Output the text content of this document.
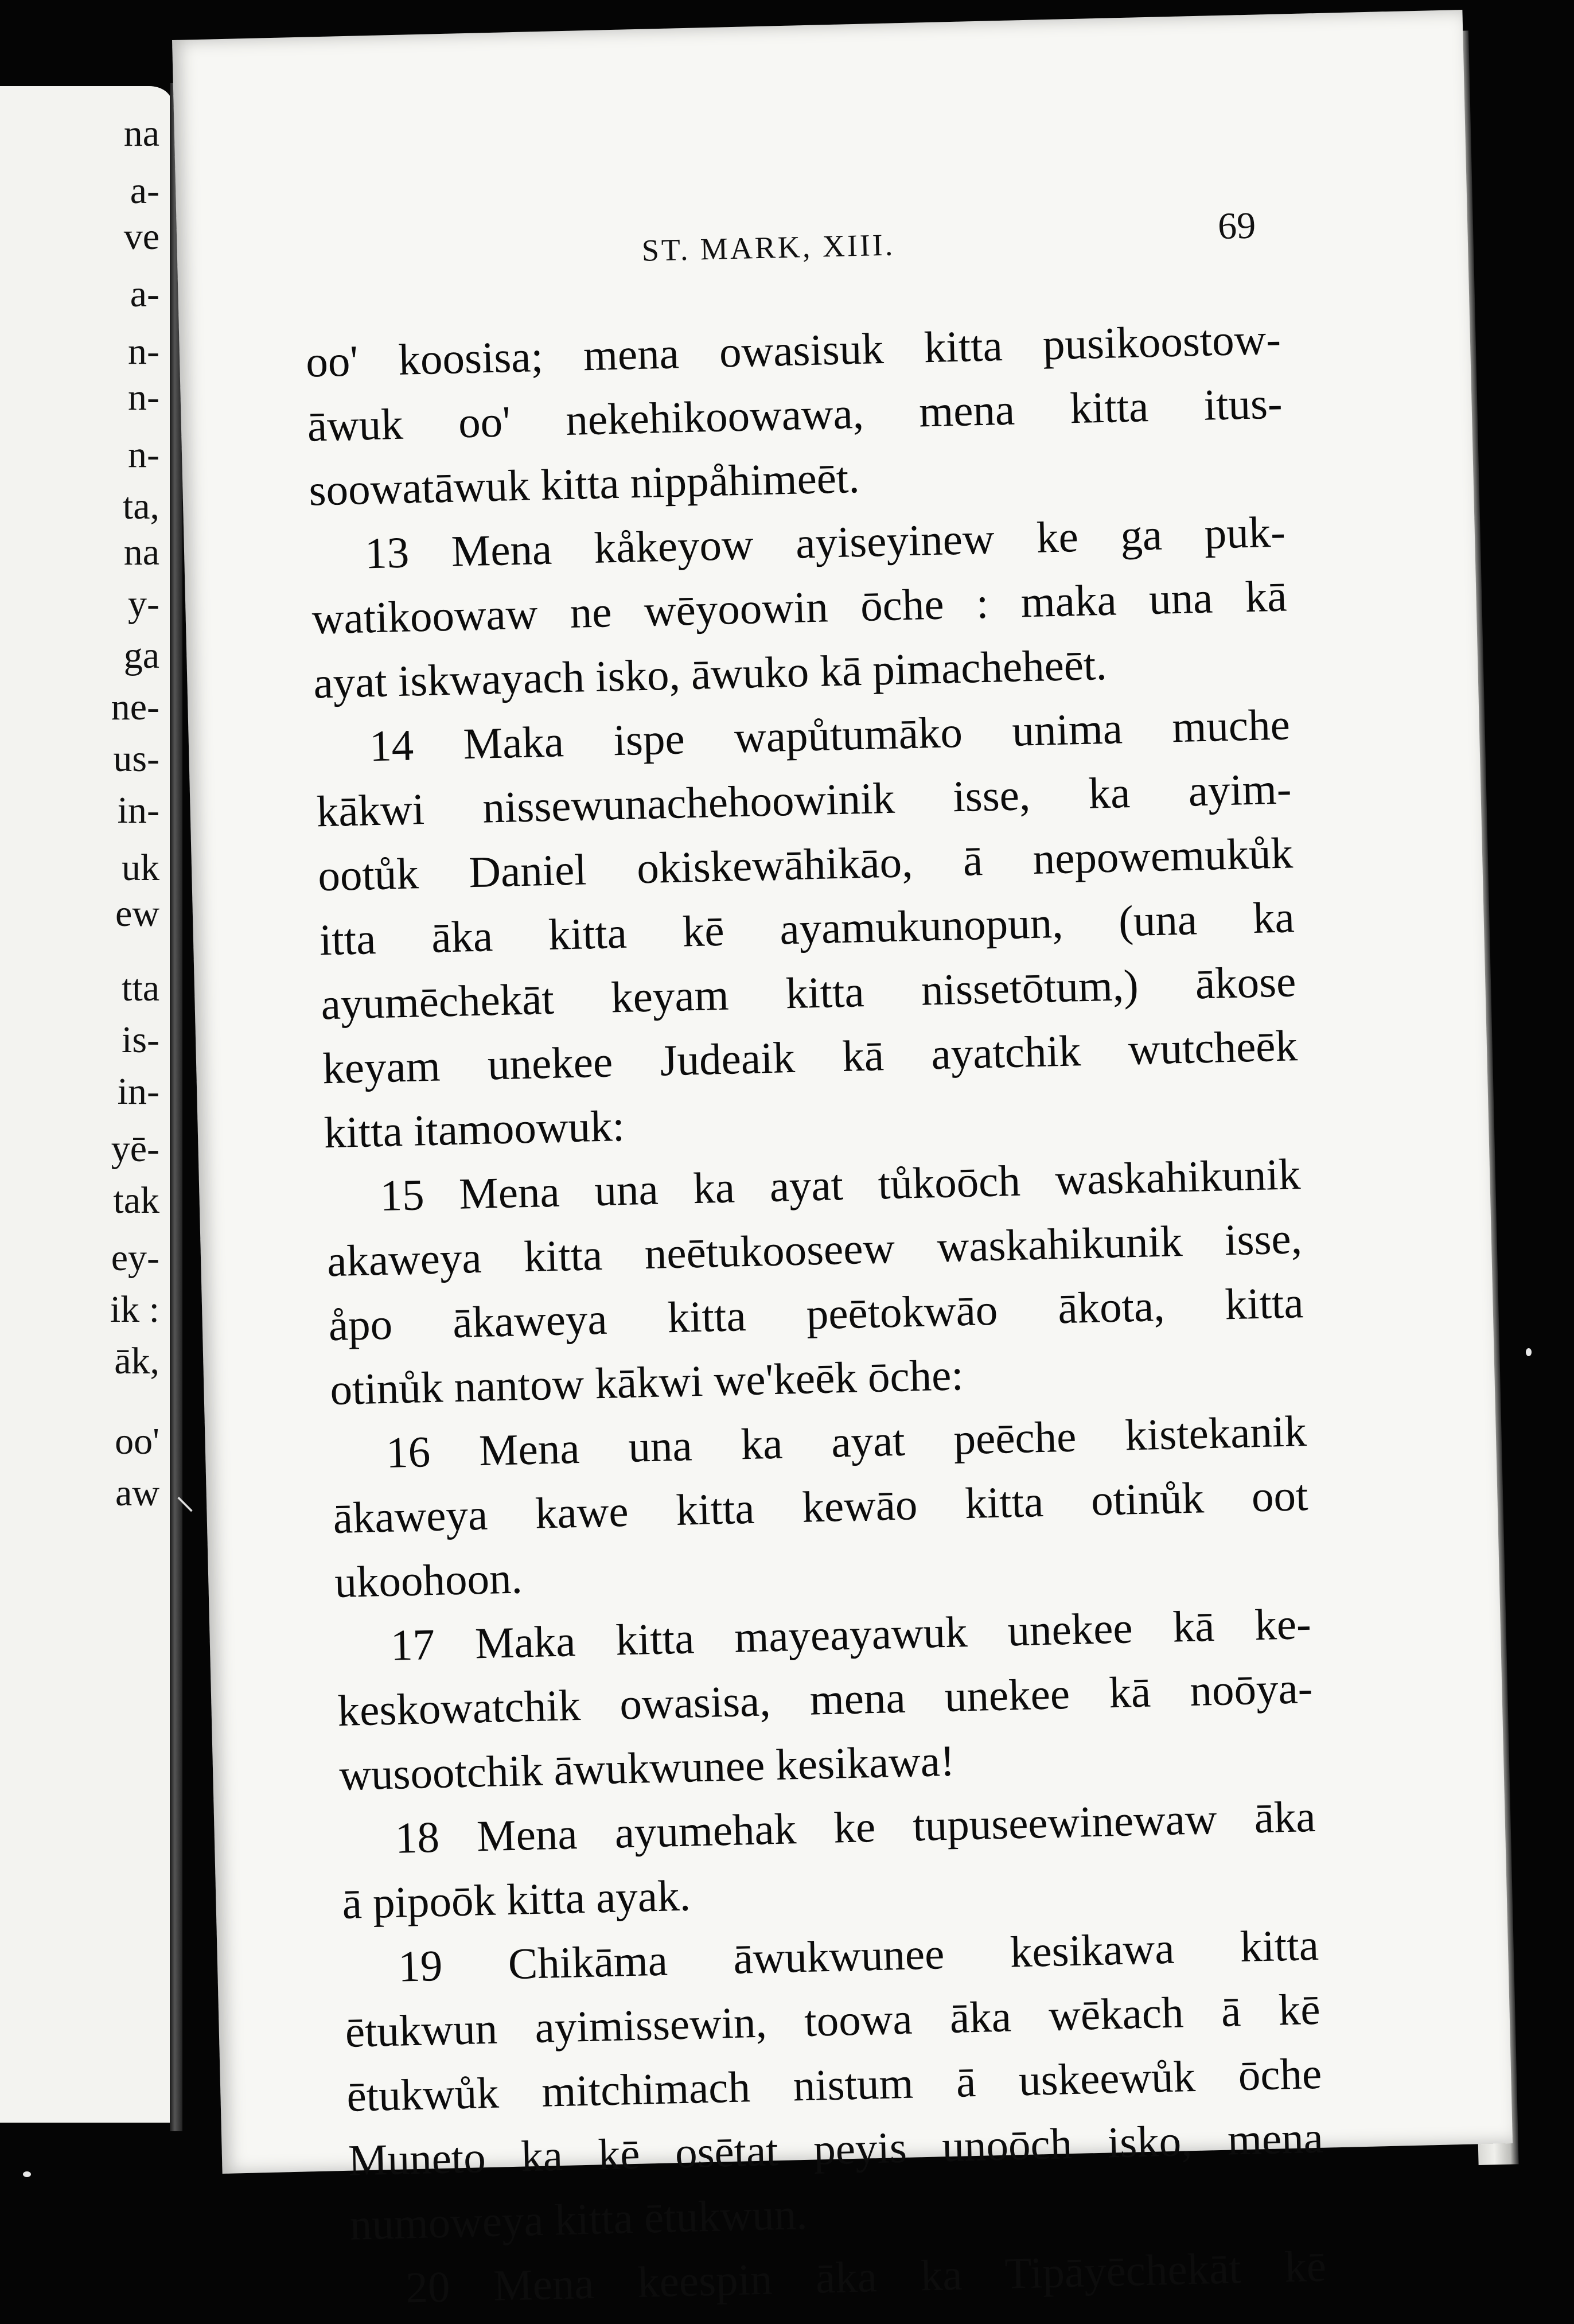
na
a-
ve
a-
n-
n-
n-
ta,
na
y-
ga
ne-
us-
in-
uk
ew
tta
is-
in-
yē-
tak
ey-
ik :
āk,
oo'
aw
ST. MARK, XIII.
69
oo' koosisa; mena owasisuk kitta pusikoostow-
āwuk oo' nekehikoowawa, mena kitta itus-
soowatāwuk kitta nippåhimeēt.
13 Mena kåkeyow ayiseyinew ke ga puk-
watikoowaw ne wēyoowin ōche : maka una kā
ayat iskwayach isko, āwuko kā pimacheheēt.
14 Maka ispe wapůtumāko unima muche
kākwi nissewunachehoowinik isse, ka ayim-
ootůk Daniel okiskewāhikāo, ā nepowemukůk
itta āka kitta kē ayamukunopun, (una ka
ayumēchekāt keyam kitta nissetōtum,) ākose
keyam unekee Judeaik kā ayatchik wutcheēk
kitta itamoowuk:
15 Mena una ka ayat tůkoōch waskahikunik
akaweya kitta neētukooseew waskahikunik isse,
åpo ākaweya kitta peētokwāo ākota, kitta
otinůk nantow kākwi we'keēk ōche:
16 Mena una ka ayat peēche kistekanik
ākaweya kawe kitta kewāo kitta otinůk oot
ukoohoon.
17 Maka kitta mayeayawuk unekee kā ke-
keskowatchik owasisa, mena unekee kā noōya-
wusootchik āwukwunee kesikawa!
18 Mena ayumehak ke tupuseewinewaw āka
ā pipoōk kitta ayak.
19 Chikāma āwukwunee kesikawa kitta
ētukwun ayimissewin, toowa āka wēkach ā kē
ētukwůk mitchimach nistum ā uskeewůk ōche
Muneto ka kē osētat peyis unoōch isko, mena
numoweya kitta ētukwun.
20 Mena keespin āka ka Tipāyēchekāt kē
⸌
